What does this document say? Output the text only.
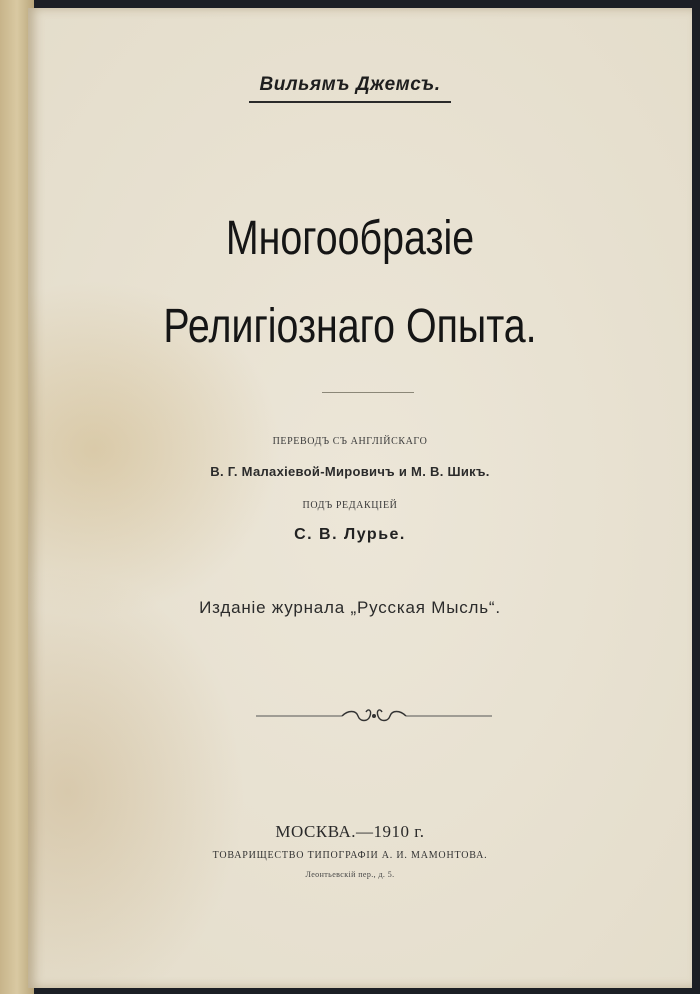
Вильямъ Джемсъ.
Многообразіе
Религіознаго Опыта.
ПЕРЕВОДЪ СЪ АНГЛІЙСКАГО
В. Г. Малахіевой-Мировичъ и М. В. Шикъ.
ПОДЪ РЕДАКЦІЕЙ
С. В. Лурье.
Изданіе журнала „Русская Мысль“.
МОСКВА.—1910 г.
ТОВАРИЩЕСТВО ТИПОГРАФІИ А. И. МАМОНТОВА.
Леонтьевскій пер., д. 5.
